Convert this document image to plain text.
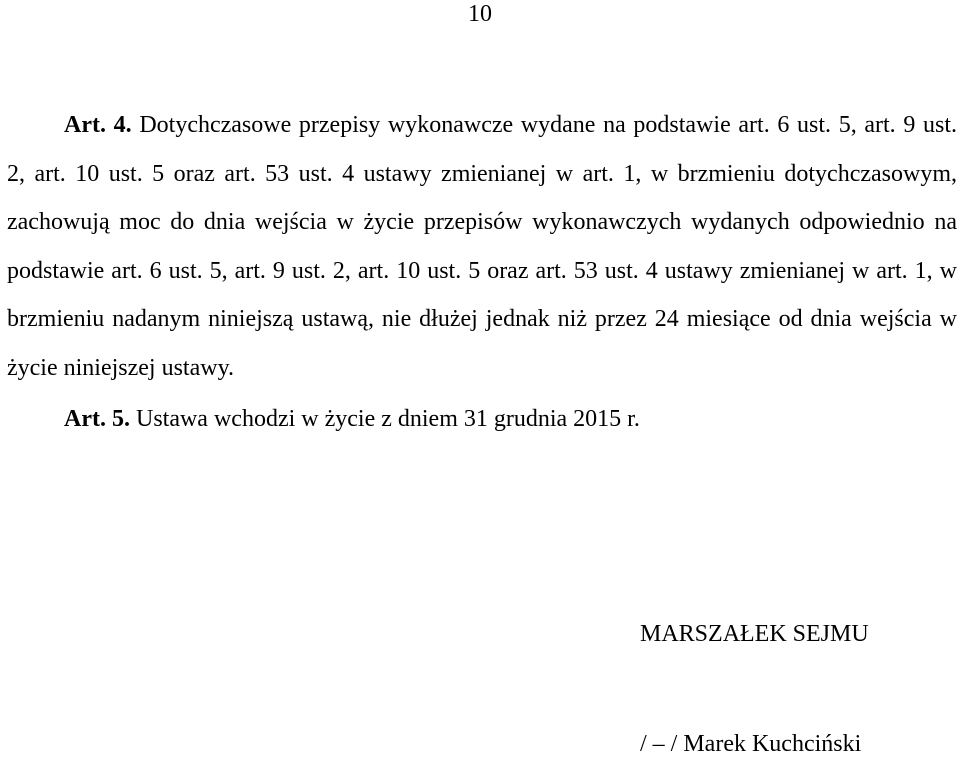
10
Art. 4. Dotychczasowe przepisy wykonawcze wydane na podstawie art. 6 ust. 5, art. 9 ust. 2, art. 10 ust. 5 oraz art. 53 ust. 4 ustawy zmienianej w art. 1, w brzmieniu dotychczasowym, zachowują moc do dnia wejścia w życie przepisów wykonawczych wydanych odpowiednio na podstawie art. 6 ust. 5, art. 9 ust. 2, art. 10 ust. 5 oraz art. 53 ust. 4 ustawy zmienianej w art. 1, w brzmieniu nadanym niniejszą ustawą, nie dłużej jednak niż przez 24 miesiące od dnia wejścia w życie niniejszej ustawy.
Art. 5. Ustawa wchodzi w życie z dniem 31 grudnia 2015 r.
MARSZAŁEK SEJMU
/ – / Marek Kuchciński
